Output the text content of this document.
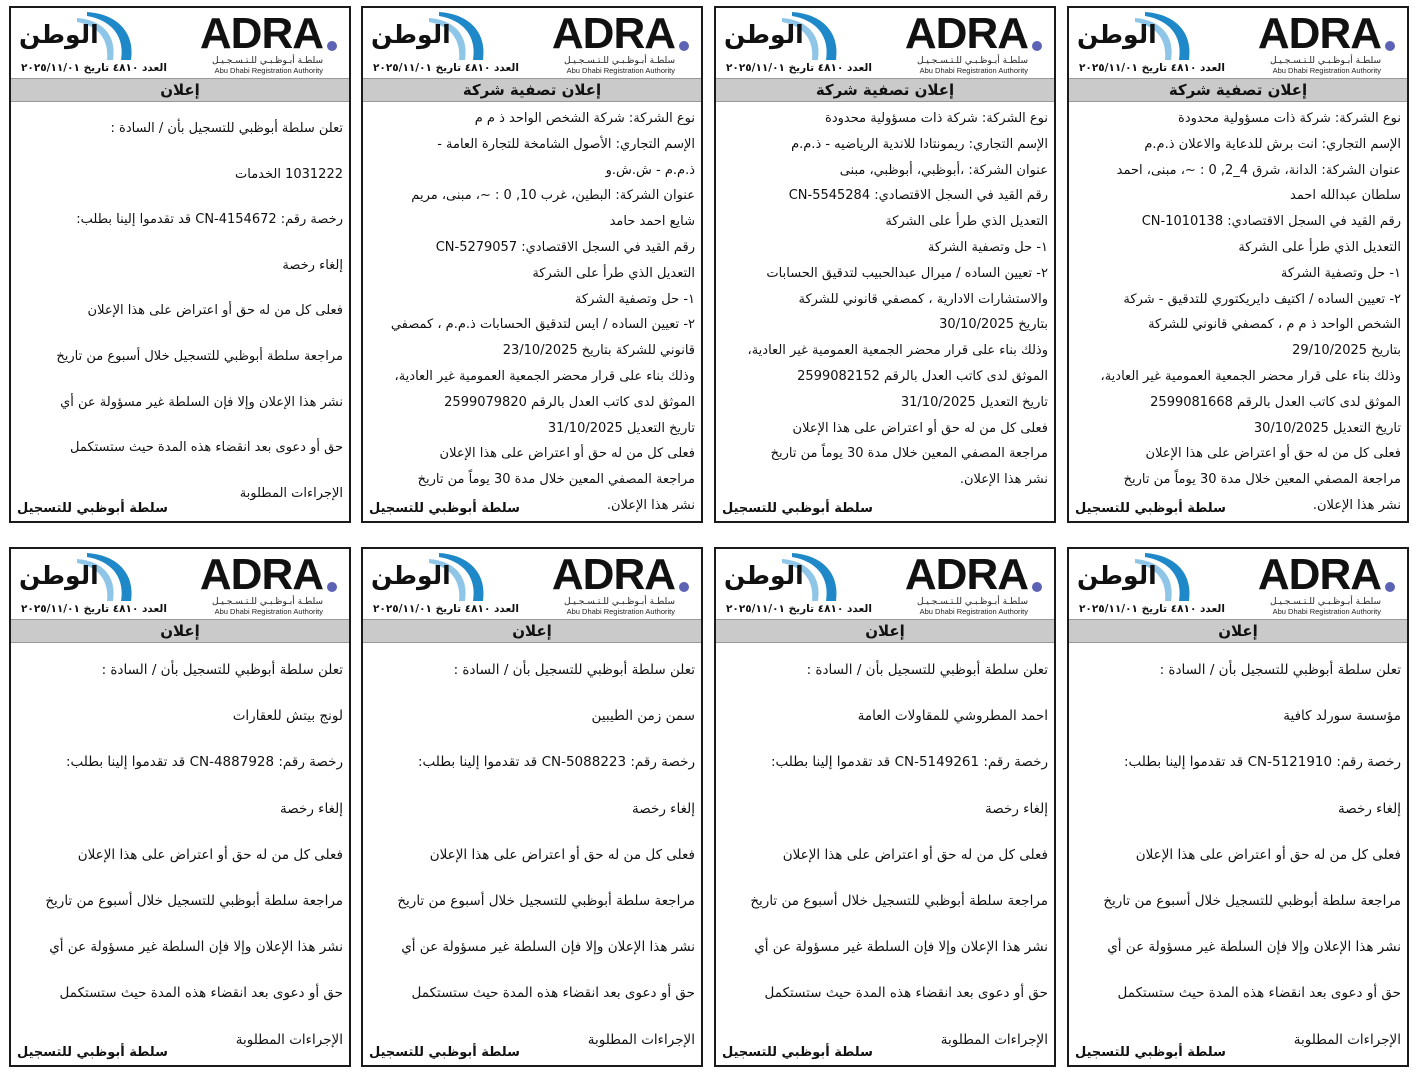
الوطن
العدد ٤٨١٠ تاريخ ٢٠٢٥/١١/٠١
ADRA
سلطـة أبـوظـبـي للـتـسـجـيـل
Abu Dhabi Registration Authority
إعلان تصفية شركة
نوع الشركة: شركة ذات مسؤولية محدودة
الإسم التجاري: انت برش للدعاية والاعلان ذ.م.م
عنوان الشركة: الدانة، شرق 4_2, 0 : ~، مبنى، احمد
سلطان عبدالله احمد
رقم القيد في السجل الاقتصادي: CN-1010138
التعديل الذي طرأ على الشركة
١- حل وتصفية الشركة
٢- تعيين الساده / اكتيف دايريكتوري للتدقيق - شركة
الشخص الواحد ذ م م ، كمصفي قانوني للشركة
بتاريخ 29/10/2025
وذلك بناء على قرار محضر الجمعية العمومية غير العادية،
الموثق لدى كاتب العدل بالرقم 2599081668
تاريخ التعديل 30/10/2025
فعلى كل من له حق أو اعتراض على هذا الإعلان
مراجعة المصفي المعين خلال مدة 30 يوماً من تاريخ
نشر هذا الإعلان.
سلطة أبوظبي للتسجيل
الوطن
العدد ٤٨١٠ تاريخ ٢٠٢٥/١١/٠١
ADRA
سلطـة أبـوظـبـي للـتـسـجـيـل
Abu Dhabi Registration Authority
إعلان تصفية شركة
نوع الشركة: شركة ذات مسؤولية محدودة
الإسم التجاري: ريمونتادا للاندية الرياضيه - ذ.م.م
عنوان الشركة: ،أبوظبي، أبوظبي، مبنى
رقم القيد في السجل الاقتصادي: CN-5545284
التعديل الذي طرأ على الشركة
١- حل وتصفية الشركة
٢- تعيين الساده / ميرال عبدالحبيب لتدقيق الحسابات
والاستشارات الادارية ، كمصفي قانوني للشركة
بتاريخ 30/10/2025
وذلك بناء على قرار محضر الجمعية العمومية غير العادية،
الموثق لدى كاتب العدل بالرقم 2599082152
تاريخ التعديل 31/10/2025
فعلى كل من له حق أو اعتراض على هذا الإعلان
مراجعة المصفي المعين خلال مدة 30 يوماً من تاريخ
نشر هذا الإعلان.
سلطة أبوظبي للتسجيل
الوطن
العدد ٤٨١٠ تاريخ ٢٠٢٥/١١/٠١
ADRA
سلطـة أبـوظـبـي للـتـسـجـيـل
Abu Dhabi Registration Authority
إعلان تصفية شركة
نوع الشركة: شركة الشخص الواحد ذ م م
الإسم التجاري: الأصول الشامخة للتجارة العامة -
ذ.م.م - ش.ش.و
عنوان الشركة: البطين، غرب 10, 0 : ~، مبنى، مريم
شايع احمد حامد
رقم القيد في السجل الاقتصادي: CN-5279057
التعديل الذي طرأ على الشركة
١- حل وتصفية الشركة
٢- تعيين الساده / ايس لتدقيق الحسابات ذ.م.م ، كمصفي
قانوني للشركة بتاريخ 23/10/2025
وذلك بناء على قرار محضر الجمعية العمومية غير العادية،
الموثق لدى كاتب العدل بالرقم 2599079820
تاريخ التعديل 31/10/2025
فعلى كل من له حق أو اعتراض على هذا الإعلان
مراجعة المصفي المعين خلال مدة 30 يوماً من تاريخ
نشر هذا الإعلان.
سلطة أبوظبي للتسجيل
الوطن
العدد ٤٨١٠ تاريخ ٢٠٢٥/١١/٠١
ADRA
سلطـة أبـوظـبـي للـتـسـجـيـل
Abu Dhabi Registration Authority
إعلان
تعلن سلطة أبوظبي للتسجيل بأن / السادة :
1031222 الخدمات
رخصة رقم: CN-4154672 قد تقدموا إلينا بطلب:
إلغاء رخصة
فعلى كل من له حق أو اعتراض على هذا الإعلان
مراجعة سلطة أبوظبي للتسجيل خلال أسبوع من تاريخ
نشر هذا الإعلان وإلا فإن السلطة غير مسؤولة عن أي
حق أو دعوى بعد انقضاء هذه المدة حيث ستستكمل
الإجراءات المطلوبة
سلطة أبوظبي للتسجيل
الوطن
العدد ٤٨١٠ تاريخ ٢٠٢٥/١١/٠١
ADRA
سلطـة أبـوظـبـي للـتـسـجـيـل
Abu Dhabi Registration Authority
إعلان
تعلن سلطة أبوظبي للتسجيل بأن / السادة :
مؤسسة سورلد كافية
رخصة رقم: CN-5121910 قد تقدموا إلينا بطلب:
إلغاء رخصة
فعلى كل من له حق أو اعتراض على هذا الإعلان
مراجعة سلطة أبوظبي للتسجيل خلال أسبوع من تاريخ
نشر هذا الإعلان وإلا فإن السلطة غير مسؤولة عن أي
حق أو دعوى بعد انقضاء هذه المدة حيث ستستكمل
الإجراءات المطلوبة
سلطة أبوظبي للتسجيل
الوطن
العدد ٤٨١٠ تاريخ ٢٠٢٥/١١/٠١
ADRA
سلطـة أبـوظـبـي للـتـسـجـيـل
Abu Dhabi Registration Authority
إعلان
تعلن سلطة أبوظبي للتسجيل بأن / السادة :
احمد المطروشي للمقاولات العامة
رخصة رقم: CN-5149261 قد تقدموا إلينا بطلب:
إلغاء رخصة
فعلى كل من له حق أو اعتراض على هذا الإعلان
مراجعة سلطة أبوظبي للتسجيل خلال أسبوع من تاريخ
نشر هذا الإعلان وإلا فإن السلطة غير مسؤولة عن أي
حق أو دعوى بعد انقضاء هذه المدة حيث ستستكمل
الإجراءات المطلوبة
سلطة أبوظبي للتسجيل
الوطن
العدد ٤٨١٠ تاريخ ٢٠٢٥/١١/٠١
ADRA
سلطـة أبـوظـبـي للـتـسـجـيـل
Abu Dhabi Registration Authority
إعلان
تعلن سلطة أبوظبي للتسجيل بأن / السادة :
سمن زمن الطيبين
رخصة رقم: CN-5088223 قد تقدموا إلينا بطلب:
إلغاء رخصة
فعلى كل من له حق أو اعتراض على هذا الإعلان
مراجعة سلطة أبوظبي للتسجيل خلال أسبوع من تاريخ
نشر هذا الإعلان وإلا فإن السلطة غير مسؤولة عن أي
حق أو دعوى بعد انقضاء هذه المدة حيث ستستكمل
الإجراءات المطلوبة
سلطة أبوظبي للتسجيل
الوطن
العدد ٤٨١٠ تاريخ ٢٠٢٥/١١/٠١
ADRA
سلطـة أبـوظـبـي للـتـسـجـيـل
Abu Dhabi Registration Authority
إعلان
تعلن سلطة أبوظبي للتسجيل بأن / السادة :
لونج بيتش للعقارات
رخصة رقم: CN-4887928 قد تقدموا إلينا بطلب:
إلغاء رخصة
فعلى كل من له حق أو اعتراض على هذا الإعلان
مراجعة سلطة أبوظبي للتسجيل خلال أسبوع من تاريخ
نشر هذا الإعلان وإلا فإن السلطة غير مسؤولة عن أي
حق أو دعوى بعد انقضاء هذه المدة حيث ستستكمل
الإجراءات المطلوبة
سلطة أبوظبي للتسجيل
